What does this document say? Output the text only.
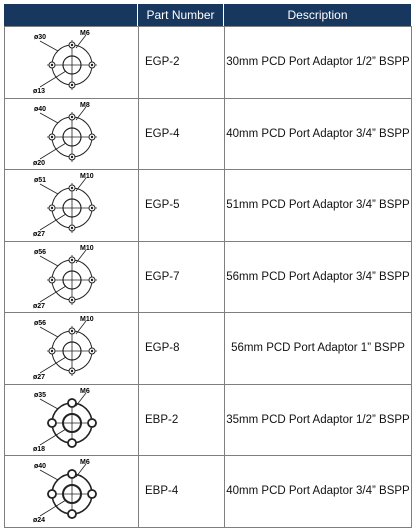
Part Number	Description
ø30
M6
ø13
EGP-2	30mm PCD Port Adaptor 1/2” BSPP
ø40
M8
ø20
EGP-4	40mm PCD Port Adaptor 3/4” BSPP
ø51
M10
ø27
EGP-5	51mm PCD Port Adaptor 3/4” BSPP
ø56
M10
ø27
EGP-7	56mm PCD Port Adaptor 3/4” BSPP
ø56
M10
ø27
EGP-8	56mm PCD Port Adaptor 1” BSPP
ø35
M6
ø18
EBP-2	35mm PCD Port Adaptor 1/2” BSPP
ø40
M6
ø24
EBP-4	40mm PCD Port Adaptor 3/4” BSPP
